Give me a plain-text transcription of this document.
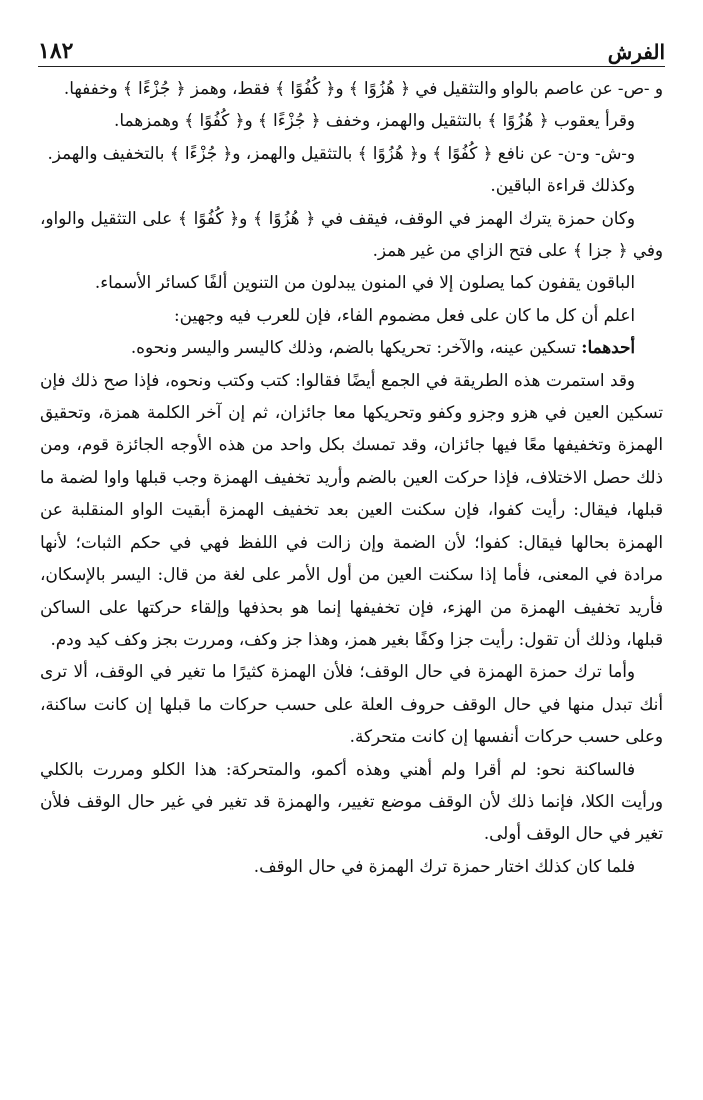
الفرش
١٨٢

و -ص- عن عاصم بالواو والتثقيل في ﴿ هُزُوًا ﴾ و﴿ كُفُوًا ﴾ فقط، وهمز ﴿ جُزْءًا ﴾ وخففها.

وقرأ يعقوب ﴿ هُزُوًا ﴾ بالتثقيل والهمز، وخفف ﴿ جُزْءًا ﴾ و﴿ كُفُوًا ﴾ وهمزهما.

و-ش- و-ن- عن نافع ﴿ كُفُوًا ﴾ و﴿ هُزُوًا ﴾ بالتثقيل والهمز، و﴿ جُزْءًا ﴾ بالتخفيف والهمز.

وكذلك قراءة الباقين.

وكان حمزة يترك الهمز في الوقف، فيقف في ﴿ هُزُوًا ﴾ و﴿ كُفُوًا ﴾ على التثقيل والواو، وفي ﴿ جزا ﴾ على فتح الزاي من غير همز.

الباقون يقفون كما يصلون إلا في المنون يبدلون من التنوين ألفًا كسائر الأسماء.

اعلم أن كل ما كان على فعل مضموم الفاء، فإن للعرب فيه وجهين:

أحدهما: تسكين عينه، والآخر: تحريكها بالضم، وذلك كاليسر واليسر ونحوه.

وقد استمرت هذه الطريقة في الجمع أيضًا فقالوا: كتب وكتب ونحوه، فإذا صح ذلك فإن تسكين العين في هزو وجزو وكفو وتحريكها معا جائزان، ثم إن آخر الكلمة همزة، وتحقيق الهمزة وتخفيفها معًا فيها جائزان، وقد تمسك بكل واحد من هذه الأوجه الجائزة قوم، ومن ذلك حصل الاختلاف، فإذا حركت العين بالضم وأريد تخفيف الهمزة وجب قبلها واوا لضمة ما قبلها، فيقال: رأيت كفوا، فإن سكنت العين بعد تخفيف الهمزة أبقيت الواو المنقلبة عن الهمزة بحالها فيقال: كفوا؛ لأن الضمة وإن زالت في اللفظ فهي في حكم الثبات؛ لأنها مرادة في المعنى، فأما إذا سكنت العين من أول الأمر على لغة من قال: اليسر بالإسكان، فأريد تخفيف الهمزة من الهزء، فإن تخفيفها إنما هو بحذفها وإلقاء حركتها على الساكن قبلها، وذلك أن تقول: رأيت جزا وكفًا بغير همز، وهذا جز وكف، ومررت بجز وكف كيد ودم.

وأما ترك حمزة الهمزة في حال الوقف؛ فلأن الهمزة كثيرًا ما تغير في الوقف، ألا ترى أنك تبدل منها في حال الوقف حروف العلة على حسب حركات ما قبلها إن كانت ساكنة، وعلى حسب حركات أنفسها إن كانت متحركة.

فالساكنة نحو: لم أقرا ولم أهني وهذه أكمو، والمتحركة: هذا الكلو ومررت بالكلي ورأيت الكلا، فإنما ذلك لأن الوقف موضع تغيير، والهمزة قد تغير في غير حال الوقف فلأن تغير في حال الوقف أولى.

فلما كان كذلك اختار حمزة ترك الهمزة في حال الوقف.
